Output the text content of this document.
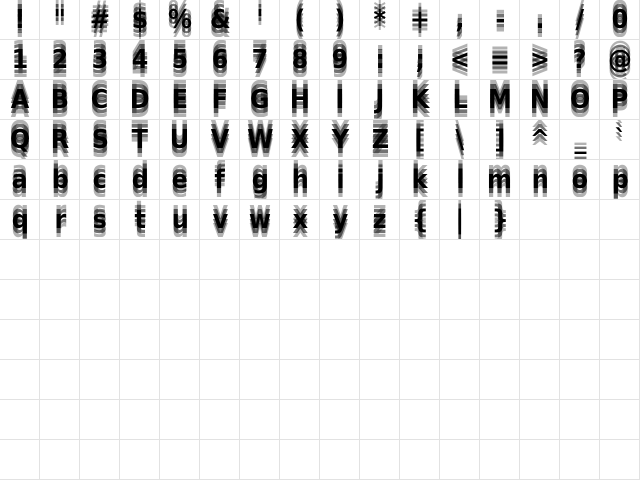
! " # $ % & ' ( ) * + , - . / 0
1 2 3 4 5 6 7 8 9 : ; < = > ? @
A B C D E F G H I J K L M N O P
Q R S T U V W X Y Z [ \ ] ^ _ `
a b c d e f g h i j k l m n o p
q r s t u v w x y z { | }
